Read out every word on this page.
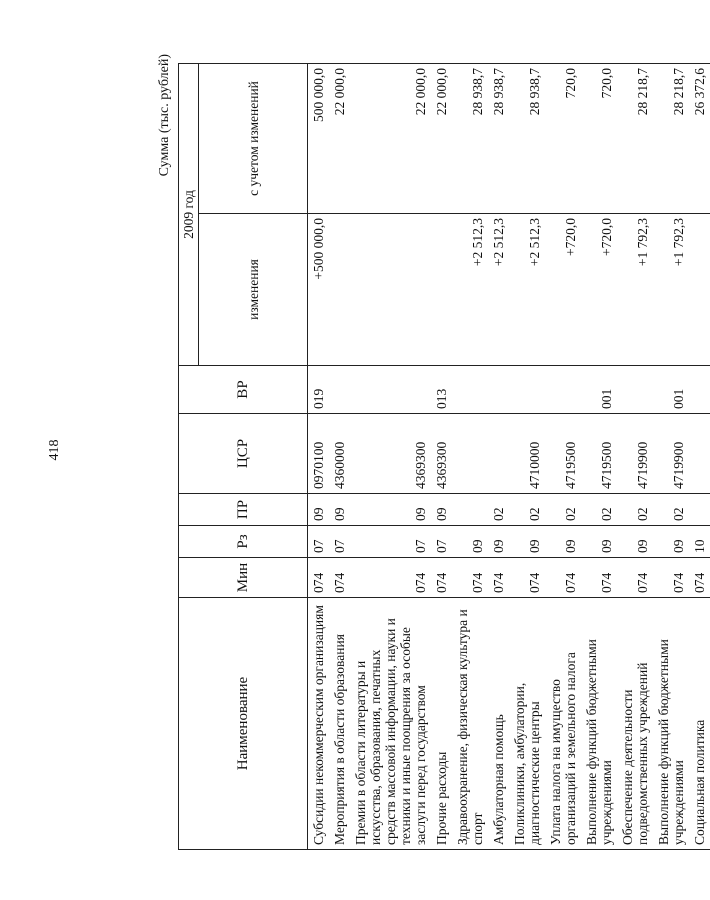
418
Сумма (тыс. рублей)
Наименование	Мин	Рз	ПР	ЦСР	ВР	2009 год	
						изменения	с учетом изменений
Субсидии некоммерческим организациям	074	07	09	0970100	019	+500 000,0	500 000,0
Мероприятия в области образования	074	07	09	4360000			22 000,0
Премии в области литературы и искусства, образования, печатных средств массовой информации, науки и техники и иные поощрения за особые заслуги перед государством	074	07	09	4369300			22 000,0
Прочие расходы	074	07	09	4369300	013		22 000,0
Здравоохранение, физическая культура и спорт	074	09				+2 512,3	28 938,7
Амбулаторная помощь	074	09	02			+2 512,3	28 938,7
Поликлиники, амбулатории, диагностические центры	074	09	02	4710000		+2 512,3	28 938,7
Уплата налога на имущество организаций и земельного налога	074	09	02	4719500		+720,0	720,0
Выполнение функций бюджетными учреждениями	074	09	02	4719500	001	+720,0	720,0
Обеспечение деятельности подведомственных учреждений	074	09	02	4719900		+1 792,3	28 218,7
Выполнение функций бюджетными учреждениями	074	09	02	4719900	001	+1 792,3	28 218,7
Социальная политика	074	10					26 372,6
